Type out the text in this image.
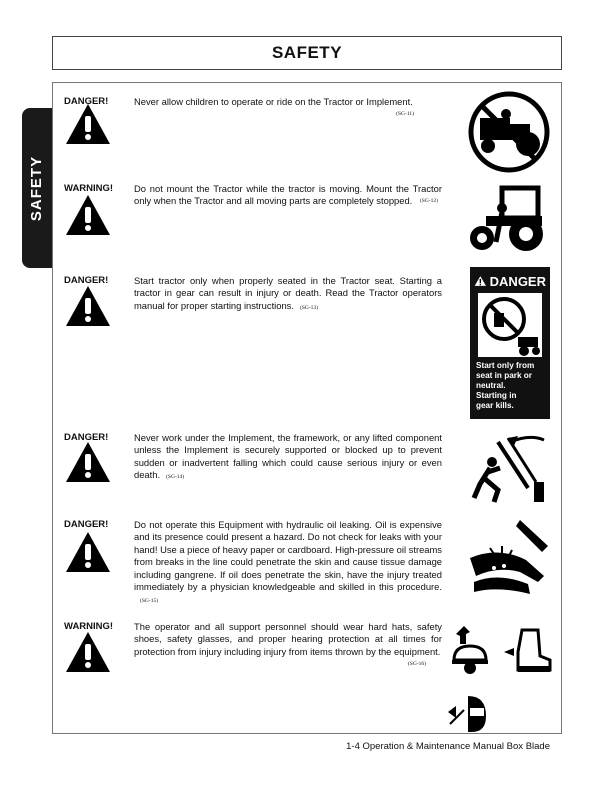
SAFETY
SAFETY
DANGER!	Never allow children to operate or ride on the Tractor or Implement.
(SG-11)
WARNING! Do not mount the Tractor while the tractor is moving. Mount the Tractor only when the Tractor and all moving parts are completely stopped. (SG-12)
DANGER!	Start tractor only when properly seated in the Tractor seat. Starting a tractor in gear can result in injury or death. Read the Tractor operators manual for proper starting instructions. (SG-13)
DANGER
Start only from
seat in park or
neutral.
Starting in
gear kills.
DANGER!	Never work under the Implement, the framework, or any lifted component unless the Implement is securely supported or blocked up to prevent sudden or inadvertent falling which could cause serious injury or even death. (SG-14)
DANGER!	Do not operate this Equipment with hydraulic oil leaking. Oil is expensive and its presence could present a hazard. Do not check for leaks with your hand! Use a piece of heavy paper or cardboard. High-pressure oil streams from breaks in the line could penetrate the skin and cause tissue damage including gangrene. If oil does penetrate the skin, have the injury treated immediately by a physician knowledgeable and skilled in this procedure.(SG-15)
WARNING! The operator and all support personnel should wear hard hats, safety shoes, safety glasses, and proper hearing protection at all times for protection from injury including injury from items thrown by the equipment.
(SG-16)
1-4 Operation & Maintenance Manual Box Blade
